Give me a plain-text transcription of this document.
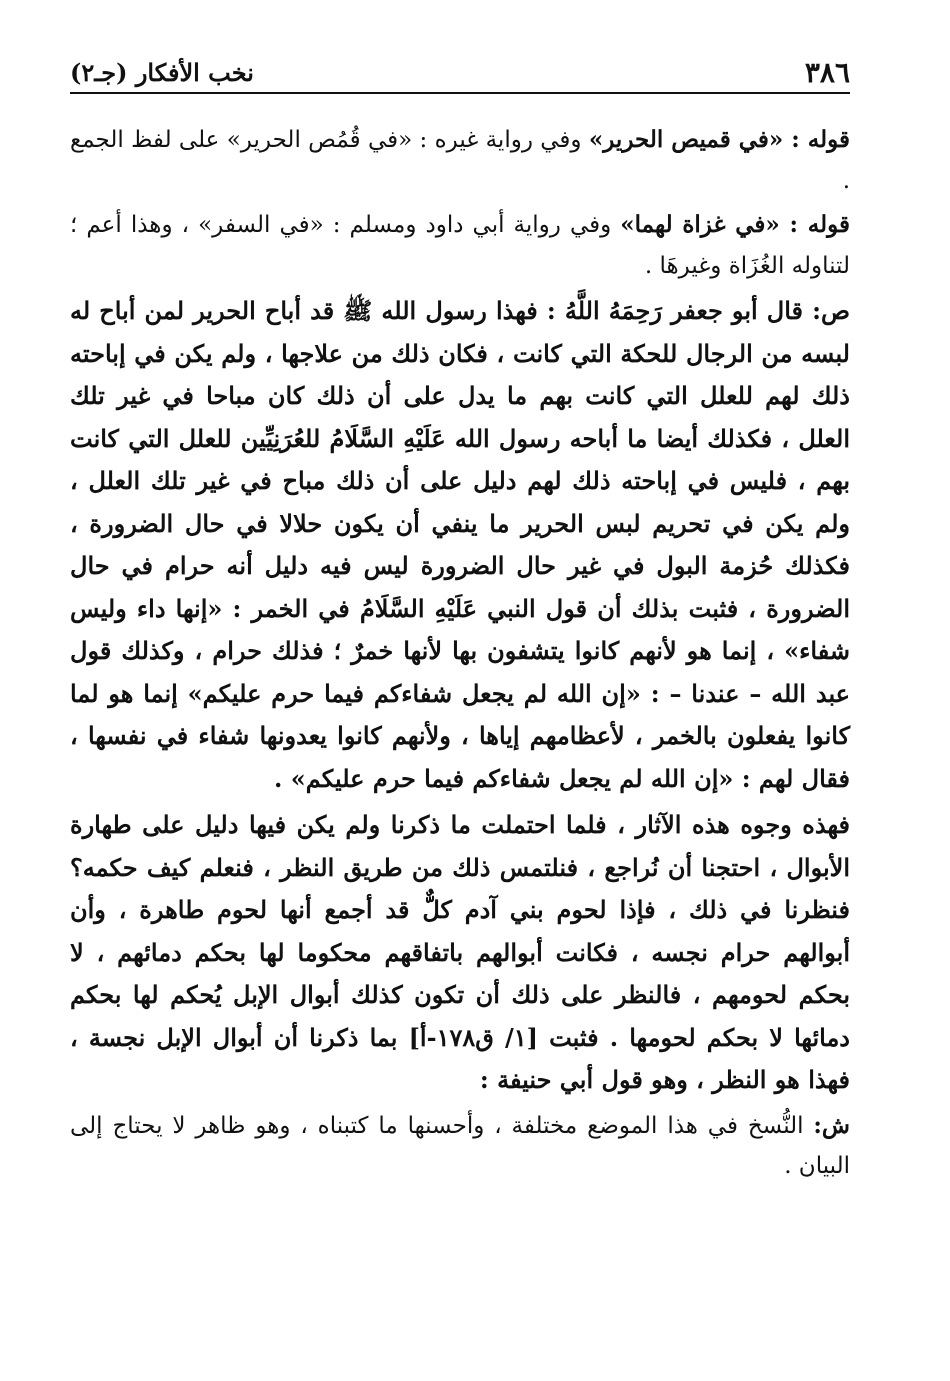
٣٨٦
نخب الأفكار (جـ٢)

قوله : «في قميص الحرير» وفي رواية غيره : «في قُمُص الحرير» على لفظ الجمع .

قوله : «في غزاة لهما» وفي رواية أبي داود ومسلم : «في السفر» ، وهذا أعم ؛ لتناوله الغُزَاة وغيرهَا .

ص: قال أبو جعفر رَحِمَهُ اللَّهُ : فهذا رسول الله ﷺ قد أباح الحرير لمن أباح له لبسه من الرجال للحكة التي كانت ، فكان ذلك من علاجها ، ولم يكن في إباحته ذلك لهم للعلل التي كانت بهم ما يدل على أن ذلك كان مباحا في غير تلك العلل ، فكذلك أيضا ما أباحه رسول الله عَلَيْهِ السَّلَامُ للعُرَنِيِّين للعلل التي كانت بهم ، فليس في إباحته ذلك لهم دليل على أن ذلك مباح في غير تلك العلل ، ولم يكن في تحريم لبس الحرير ما ينفي أن يكون حلالا في حال الضرورة ، فكذلك حُزمة البول في غير حال الضرورة ليس فيه دليل أنه حرام في حال الضرورة ، فثبت بذلك أن قول النبي عَلَيْهِ السَّلَامُ في الخمر : «إنها داء وليس شفاء» ، إنما هو لأنهم كانوا يتشفون بها لأنها خمرٌ ؛ فذلك حرام ، وكذلك قول عبد الله – عندنا – : «إن الله لم يجعل شفاءكم فيما حرم عليكم» إنما هو لما كانوا يفعلون بالخمر ، لأعظامهم إياها ، ولأنهم كانوا يعدونها شفاء في نفسها ، فقال لهم : «إن الله لم يجعل شفاءكم فيما حرم عليكم» .

فهذه وجوه هذه الآثار ، فلما احتملت ما ذكرنا ولم يكن فيها دليل على طهارة الأبوال ، احتجنا أن نُراجع ، فنلتمس ذلك من طريق النظر ، فنعلم كيف حكمه؟ فنظرنا في ذلك ، فإذا لحوم بني آدم كلٌّ قد أجمع أنها لحوم طاهرة ، وأن أبوالهم حرام نجسه ، فكانت أبوالهم باتفاقهم محكوما لها بحكم دمائهم ، لا بحكم لحومهم ، فالنظر على ذلك أن تكون كذلك أبوال الإبل يُحكم لها بحكم دمائها لا بحكم لحومها . فثبت [١/ ق١٧٨-أ] بما ذكرنا أن أبوال الإبل نجسة ، فهذا هو النظر ، وهو قول أبي حنيفة :

ش: النُّسخ في هذا الموضع مختلفة ، وأحسنها ما كتبناه ، وهو ظاهر لا يحتاج إلى البيان .
